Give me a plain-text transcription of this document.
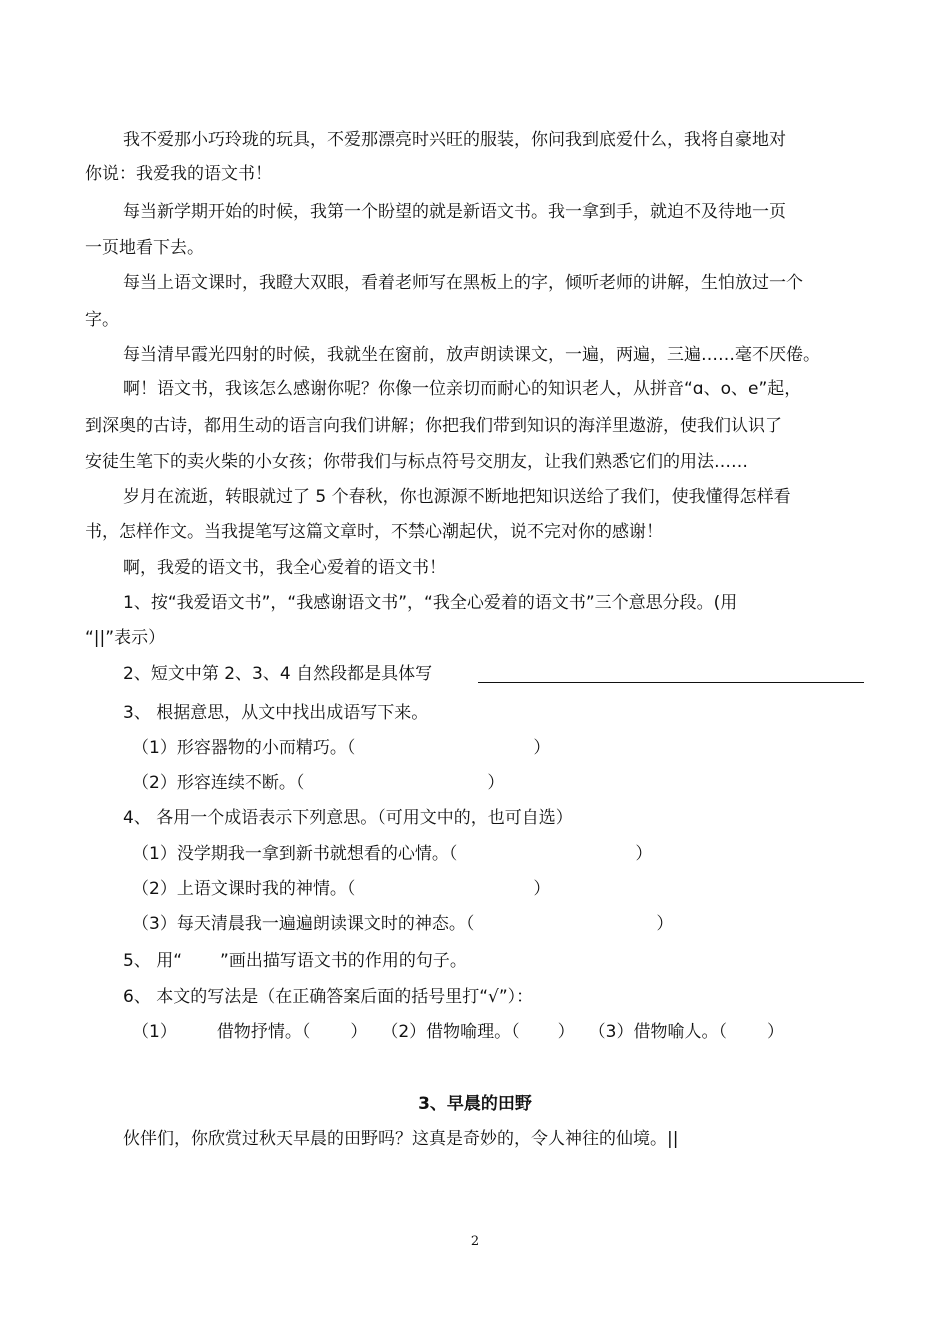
我不爱那小巧玲珑的玩具，不爱那漂亮时兴旺的服装，你问我到底爱什么，我将自豪地对
你说：我爱我的语文书！
每当新学期开始的时候，我第一个盼望的就是新语文书。我一拿到手，就迫不及待地一页
一页地看下去。
每当上语文课时，我瞪大双眼，看着老师写在黑板上的字，倾听老师的讲解，生怕放过一个
字。
每当清早霞光四射的时候，我就坐在窗前，放声朗读课文，一遍，两遍，三遍……毫不厌倦。
啊！语文书，我该怎么感谢你呢？你像一位亲切而耐心的知识老人，从拼音“ɑ、o、e”起，
到深奥的古诗，都用生动的语言向我们讲解；你把我们带到知识的海洋里遨游，使我们认识了
安徒生笔下的卖火柴的小女孩；你带我们与标点符号交朋友，让我们熟悉它们的用法……
岁月在流逝，转眼就过了 5 个春秋，你也源源不断地把知识送给了我们，使我懂得怎样看
书，怎样作文。当我提笔写这篇文章时，不禁心潮起伏，说不完对你的感谢！
啊，我爱的语文书，我全心爱着的语文书！
1、按“我爱语文书”，“我感谢语文书”，“我全心爱着的语文书”三个意思分段。(用
“||”表示）
2、短文中第 2、3、4 自然段都是具体写
3、 根据意思，从文中找出成语写下来。
（1）形容器物的小而精巧。（	）
（2）形容连续不断。（	）
4、 各用一个成语表示下列意思。（可用文中的，也可自选）
（1）没学期我一拿到新书就想看的心情。（	）
（2）上语文课时我的神情。（	）
（3）每天清晨我一遍遍朗读课文时的神态。（	）
5、 用“ ”画出描写语文书的作用的句子。
6、 本文的写法是（在正确答案后面的括号里打“√”）：
（1） 借物抒情。（ ） （2）借物喻理。（ ） （3）借物喻人。（ ）
3、早晨的田野
伙伴们，你欣赏过秋天早晨的田野吗？这真是奇妙的，令人神往的仙境。||
2
